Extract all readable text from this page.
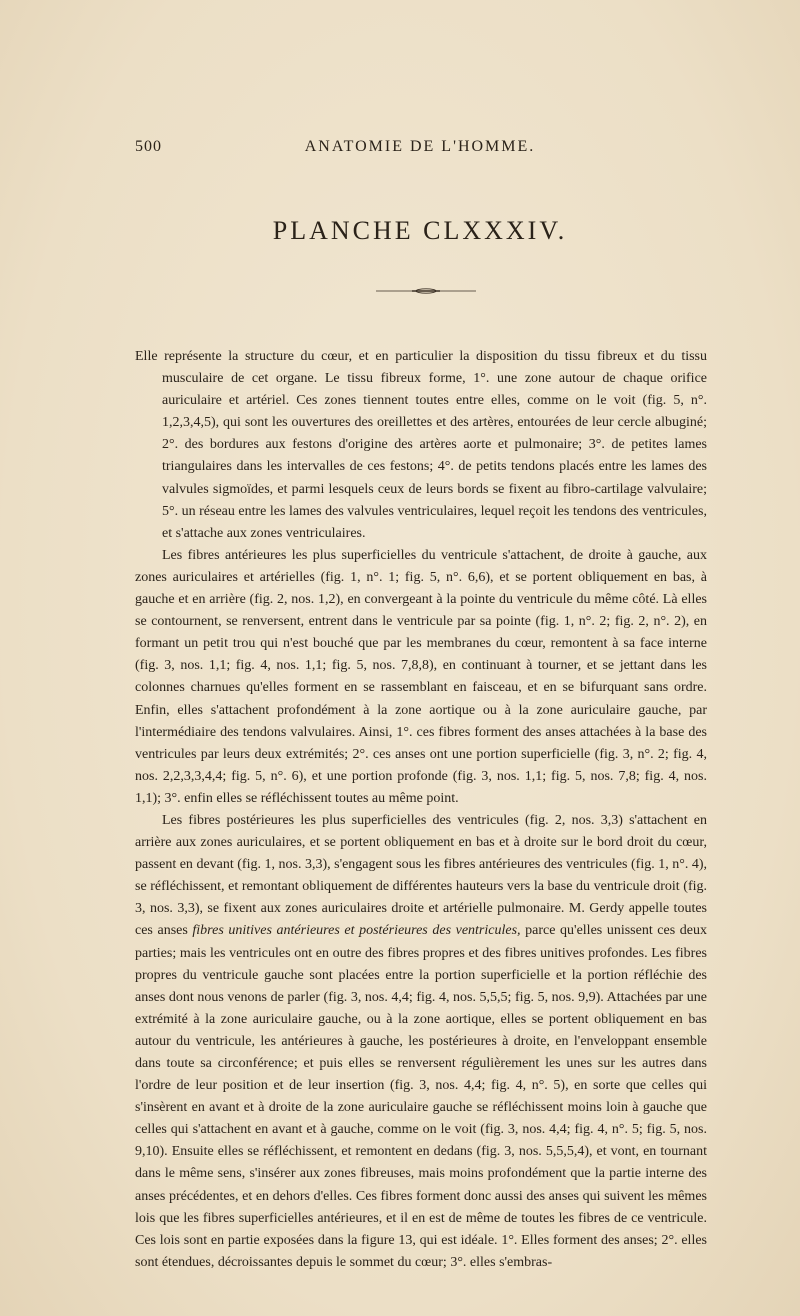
500	ANATOMIE DE L'HOMME.
PLANCHE CLXXXIV.

Elle représente la structure du cœur, et en particulier la disposition du tissu fibreux et du tissu musculaire de cet organe. Le tissu fibreux forme, 1°. une zone autour de chaque orifice auriculaire et artériel. Ces zones tiennent toutes entre elles, comme on le voit (fig. 5, n°. 1,2,3,4,5), qui sont les ouvertures des oreillettes et des artères, entourées de leur cercle albuginé; 2°. des bordures aux festons d'origine des artères aorte et pulmonaire; 3°. de petites lames triangulaires dans les intervalles de ces festons; 4°. de petits tendons placés entre les lames des valvules sigmoïdes, et parmi lesquels ceux de leurs bords se fixent au fibro-cartilage valvulaire; 5°. un réseau entre les lames des valvules ventriculaires, lequel reçoit les tendons des ventricules, et s'attache aux zones ventriculaires.

Les fibres antérieures les plus superficielles du ventricule s'attachent, de droite à gauche, aux zones auriculaires et artérielles (fig. 1, n°. 1; fig. 5, n°. 6,6), et se portent obliquement en bas, à gauche et en arrière (fig. 2, nos. 1,2), en convergeant à la pointe du ventricule du même côté. Là elles se contournent, se renversent, entrent dans le ventricule par sa pointe (fig. 1, n°. 2; fig. 2, n°. 2), en formant un petit trou qui n'est bouché que par les membranes du cœur, remontent à sa face interne (fig. 3, nos. 1,1; fig. 4, nos. 1,1; fig. 5, nos. 7,8,8), en continuant à tourner, et se jettant dans les colonnes charnues qu'elles forment en se rassemblant en faisceau, et en se bifurquant sans ordre. Enfin, elles s'attachent profondément à la zone aortique ou à la zone auriculaire gauche, par l'intermédiaire des tendons valvulaires. Ainsi, 1°. ces fibres forment des anses attachées à la base des ventricules par leurs deux extrémités; 2°. ces anses ont une portion superficielle (fig. 3, n°. 2; fig. 4, nos. 2,2,3,3,4,4; fig. 5, n°. 6), et une portion profonde (fig. 3, nos. 1,1; fig. 5, nos. 7,8; fig. 4, nos. 1,1); 3°. enfin elles se réfléchissent toutes au même point.

Les fibres postérieures les plus superficielles des ventricules (fig. 2, nos. 3,3) s'attachent en arrière aux zones auriculaires, et se portent obliquement en bas et à droite sur le bord droit du cœur, passent en devant (fig. 1, nos. 3,3), s'engagent sous les fibres antérieures des ventricules (fig. 1, n°. 4), se réfléchissent, et remontant obliquement de différentes hauteurs vers la base du ventricule droit (fig. 3, nos. 3,3), se fixent aux zones auriculaires droite et artérielle pulmonaire. M. Gerdy appelle toutes ces anses fibres unitives antérieures et postérieures des ventricules, parce qu'elles unissent ces deux parties; mais les ventricules ont en outre des fibres propres et des fibres unitives profondes. Les fibres propres du ventricule gauche sont placées entre la portion superficielle et la portion réfléchie des anses dont nous venons de parler (fig. 3, nos. 4,4; fig. 4, nos. 5,5,5; fig. 5, nos. 9,9). Attachées par une extrémité à la zone auriculaire gauche, ou à la zone aortique, elles se portent obliquement en bas autour du ventricule, les antérieures à gauche, les postérieures à droite, en l'enveloppant ensemble dans toute sa circonférence; et puis elles se renversent régulièrement les unes sur les autres dans l'ordre de leur position et de leur insertion (fig. 3, nos. 4,4; fig. 4, n°. 5), en sorte que celles qui s'insèrent en avant et à droite de la zone auriculaire gauche se réfléchissent moins loin à gauche que celles qui s'attachent en avant et à gauche, comme on le voit (fig. 3, nos. 4,4; fig. 4, n°. 5; fig. 5, nos. 9,10). Ensuite elles se réfléchissent, et remontent en dedans (fig. 3, nos. 5,5,5,4), et vont, en tournant dans le même sens, s'insérer aux zones fibreuses, mais moins profondément que la partie interne des anses précédentes, et en dehors d'elles. Ces fibres forment donc aussi des anses qui suivent les mêmes lois que les fibres superficielles antérieures, et il en est de même de toutes les fibres de ce ventricule. Ces lois sont en partie exposées dans la figure 13, qui est idéale. 1°. Elles forment des anses; 2°. elles sont étendues, décroissantes depuis le sommet du cœur; 3°. elles s'embras-
